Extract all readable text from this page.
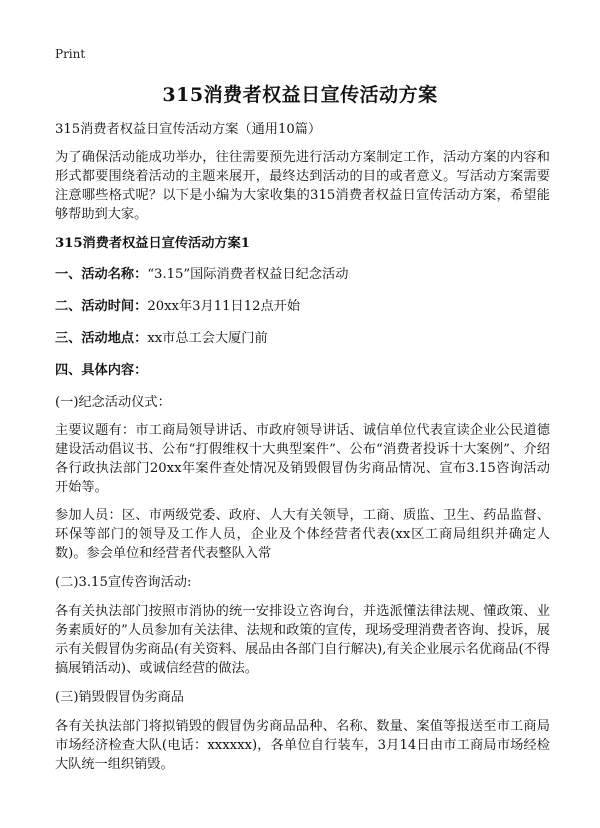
Print
315消费者权益日宣传活动方案

315消费者权益日宣传活动方案（通用10篇）

为了确保活动能成功举办，往往需要预先进行活动方案制定工作，活动方案的内容和形式都要围绕着活动的主题来展开，最终达到活动的目的或者意义。写活动方案需要注意哪些格式呢？以下是小编为大家收集的315消费者权益日宣传活动方案，希望能够帮助到大家。

315消费者权益日宣传活动方案1

一、活动名称：“3.15”国际消费者权益日纪念活动

二、活动时间：20xx年3月11日12点开始

三、活动地点：xx市总工会大厦门前

四、具体内容：

(一)纪念活动仪式：

主要议题有：市工商局领导讲话、市政府领导讲话、诚信单位代表宣读企业公民道德建设活动倡议书、公布“打假维权十大典型案件”、公布“消费者投诉十大案例”、介绍各行政执法部门20xx年案件查处情况及销毁假冒伪劣商品情况、宣布3.15咨询活动开始等。

参加人员：区、市两级党委、政府、人大有关领导，工商、质监、卫生、药品监督、环保等部门的领导及工作人员，企业及个体经营者代表(xx区工商局组织并确定人数)。参会单位和经营者代表整队入常

(二)3.15宣传咨询活动:

各有关执法部门按照市消协的统一安排设立咨询台，并选派懂法律法规、懂政策、业务素质好的”人员参加有关法律、法规和政策的宣传，现场受理消费者咨询、投诉，展示有关假冒伪劣商品(有关资料、展品由各部门自行解决),有关企业展示名优商品(不得搞展销活动)、或诚信经营的做法。

(三)销毁假冒伪劣商品

各有关执法部门将拟销毁的假冒伪劣商品品种、名称、数量、案值等报送至市工商局市场经济检查大队(电话：xxxxxx)，各单位自行装车，3月14日由市工商局市场经检大队统一组织销毁。
